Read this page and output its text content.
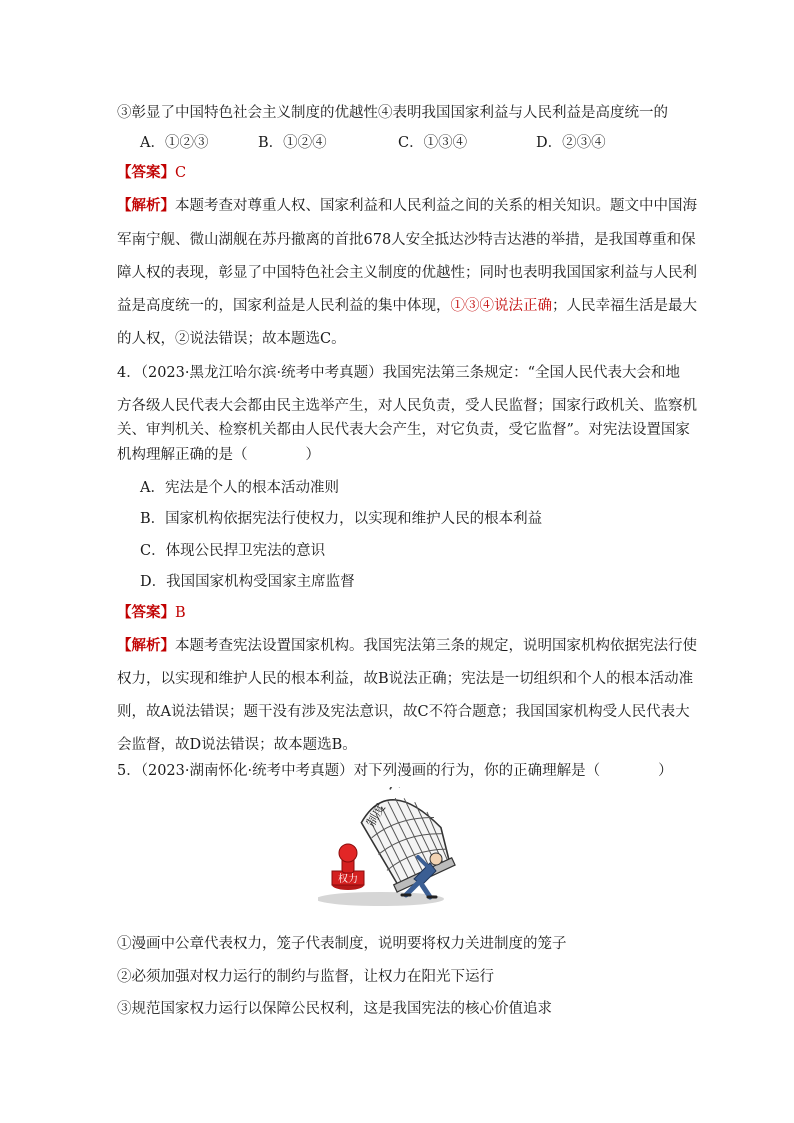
③彰显了中国特色社会主义制度的优越性④表明我国国家利益与人民利益是高度统一的
A．①②③	B．①②④	C．①③④	D．②③④
【答案】C
【解析】本题考查对尊重人权、国家利益和人民利益之间的关系的相关知识。题文中中国海
军南宁舰、微山湖舰在苏丹撤离的首批678人安全抵达沙特吉达港的举措，是我国尊重和保
障人权的表现，彰显了中国特色社会主义制度的优越性；同时也表明我国国家利益与人民利
益是高度统一的，国家利益是人民利益的集中体现，①③④说法正确；人民幸福生活是最大
的人权，②说法错误；故本题选C。
4．（2023·黑龙江哈尔滨·统考中考真题）我国宪法第三条规定：“全国人民代表大会和地
方各级人民代表大会都由民主选举产生，对人民负责，受人民监督；国家行政机关、监察机
关、审判机关、检察机关都由人民代表大会产生，对它负责，受它监督”。对宪法设置国家
机构理解正确的是（　　　　）
A．宪法是个人的根本活动准则
B．国家机构依据宪法行使权力，以实现和维护人民的根本利益
C．体现公民捍卫宪法的意识
D．我国国家机构受国家主席监督
【答案】B
【解析】本题考查宪法设置国家机构。我国宪法第三条的规定，说明国家机构依据宪法行使
权力，以实现和维护人民的根本利益，故B说法正确；宪法是一切组织和个人的根本活动准
则，故A说法错误；题干没有涉及宪法意识，故C不符合题意；我国国家机构受人民代表大
会监督，故D说法错误；故本题选B。
5．（2023·湖南怀化·统考中考真题）对下列漫画的行为，你的正确理解是（　　　　）
制度
权力
①漫画中公章代表权力，笼子代表制度，说明要将权力关进制度的笼子
②必须加强对权力运行的制约与监督，让权力在阳光下运行
③规范国家权力运行以保障公民权利，这是我国宪法的核心价值追求
